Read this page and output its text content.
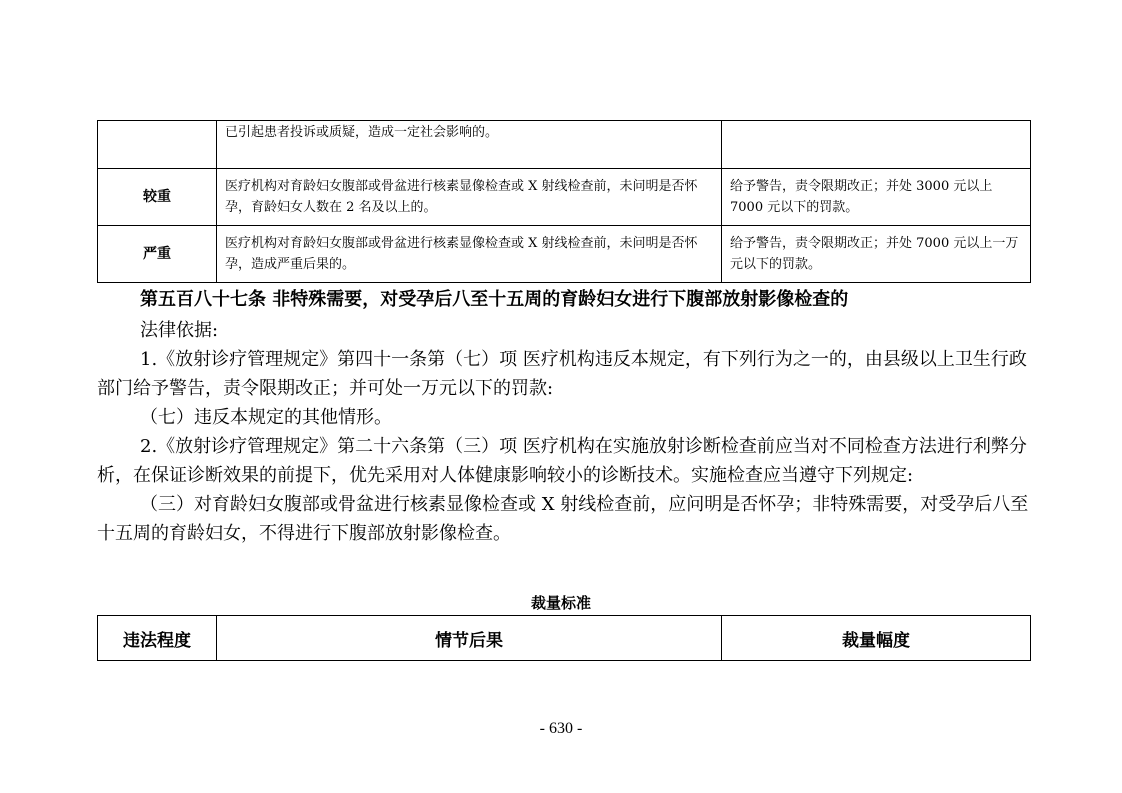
	已引起患者投诉或质疑，造成一定社会影响的。	
较重	医疗机构对育龄妇女腹部或骨盆进行核素显像检查或 X 射线检查前，未问明是否怀孕，育龄妇女人数在 2 名及以上的。	给予警告，责令限期改正；并处 3000 元以上 7000 元以下的罚款。
严重	医疗机构对育龄妇女腹部或骨盆进行核素显像检查或 X 射线检查前，未问明是否怀孕，造成严重后果的。	给予警告，责令限期改正；并处 7000 元以上一万元以下的罚款。
第五百八十七条 非特殊需要，对受孕后八至十五周的育龄妇女进行下腹部放射影像检查的

法律依据:

1.《放射诊疗管理规定》第四十一条第（七）项 医疗机构违反本规定，有下列行为之一的，由县级以上卫生行政部门给予警告，责令限期改正；并可处一万元以下的罚款:

（七）违反本规定的其他情形。

2.《放射诊疗管理规定》第二十六条第（三）项 医疗机构在实施放射诊断检查前应当对不同检查方法进行利弊分析，在保证诊断效果的前提下，优先采用对人体健康影响较小的诊断技术。实施检查应当遵守下列规定:

（三）对育龄妇女腹部或骨盆进行核素显像检查或 X 射线检查前，应问明是否怀孕；非特殊需要，对受孕后八至十五周的育龄妇女，不得进行下腹部放射影像检查。

裁量标准
违法程度	情节后果	裁量幅度
- 630 -
